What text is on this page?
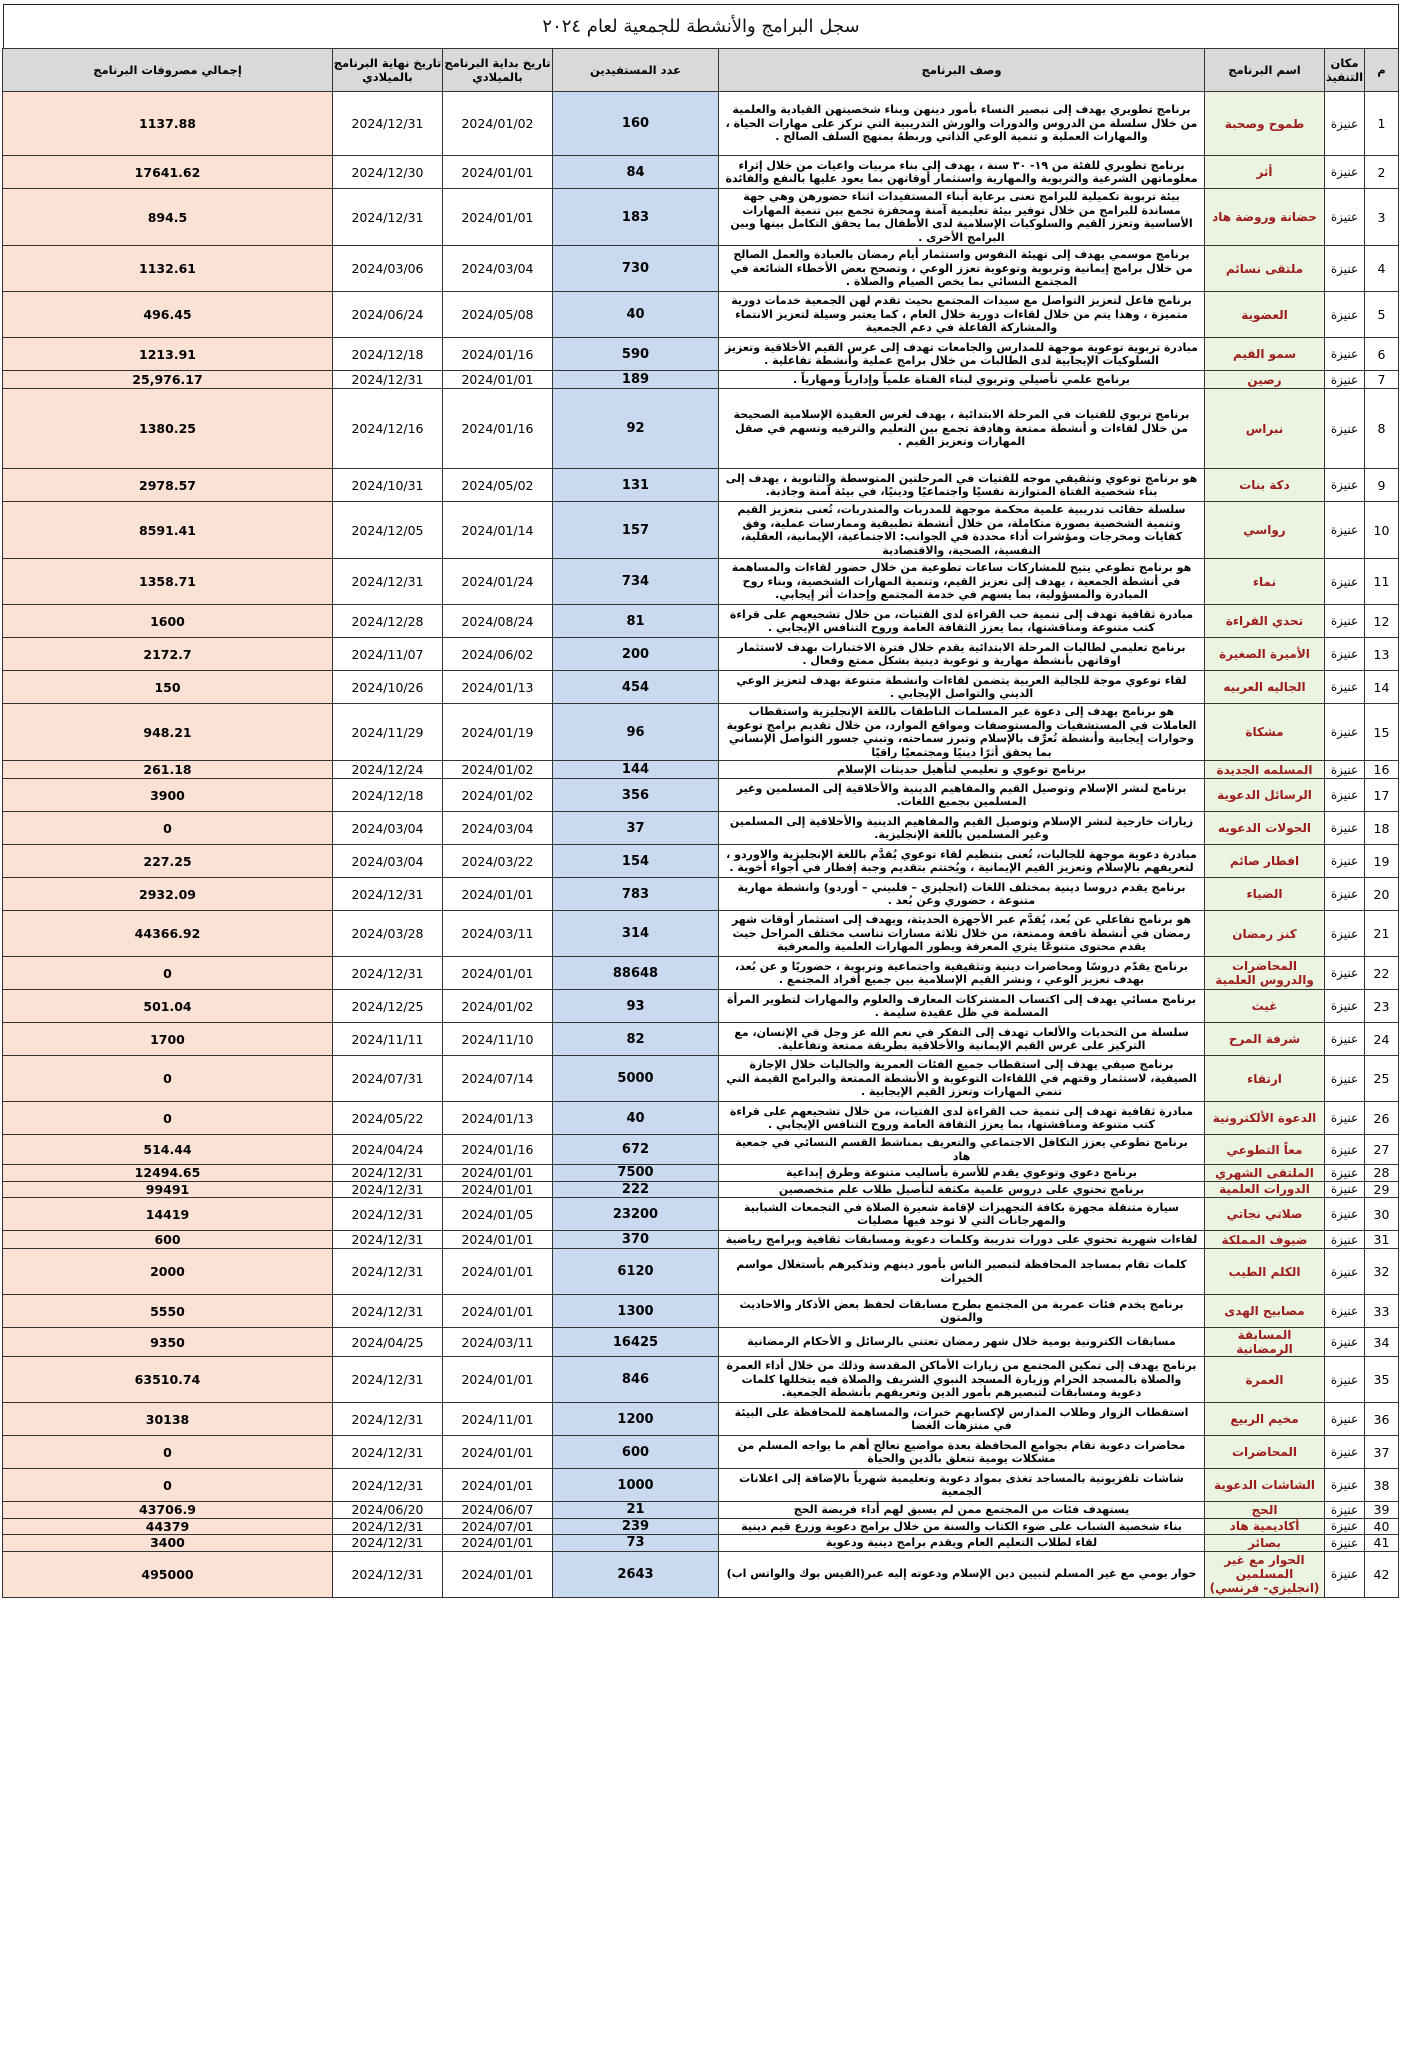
سجل البرامج والأنشطة للجمعية لعام ٢٠٢٤
م	مكان التنفيذ	اسم البرنامج	وصف البرنامج	عدد المستفيدين	تاريخ بداية البرنامج بالميلادي	تاريخ نهاية البرنامج بالميلادي	إجمالي مصروفات البرنامج
1	عنيزة	طموح وصحبة	برنامج تطويري يهدف إلى تبصير النساء بأمور دينهن وبناء شخصيتهن القيادية والعلمية من خلال سلسلة من الدروس والدورات والورش التدريبية التي تركز على مهارات الحياة ، والمهارات العملية و تنمية الوعي الذاتي وربطهُ بمنهج السلف الصالح .	160	2024/01/02	2024/12/31	1137.88
2	عنيزة	أثر	برنامج تطويري للفئة من ١٩- ٣٠ سنة ، يهدف إلى بناء مربيات واعيات من خلال إثراء معلوماتهن الشرعية والتربوية والمهارية واستثمار أوقاتهن بما يعود عليها بالنفع والفائدة	84	2024/01/01	2024/12/30	17641.62
3	عنيزة	حضانة وروضة هاد	بيئة تربوية تكميلية للبرامج تعنى برعاية أبناء المستفيدات اثناء حضورهن وهي جهة مساندة للبرامج من خلال توفير بيئة تعليمية آمنة ومحفزة تجمع بين تنمية المهارات الأساسية وتعزز القيم والسلوكيات الإسلامية لدى الأطفال بما يحقق التكامل بينها وبين البرامج الأخرى .	183	2024/01/01	2024/12/31	894.5
4	عنيزة	ملتقى نسائم	برنامج موسمي يهدف إلى تهيئة النفوس واستثمار أيام رمضان بالعبادة والعمل الصالح من خلال برامج إيمانية وتربوية وتوعوية تعزز الوعي ، وتصحح بعض الأخطاء الشائعة في المجتمع النسائي بما يخص الصيام والصلاة .	730	2024/03/04	2024/03/06	1132.61
5	عنيزة	العضوية	برنامج فاعل لتعزيز التواصل مع سيدات المجتمع بحيث تقدم لهن الجمعية خدمات دورية متميزة ، وهذا يتم من خلال لقاءات دورية خلال العام ، كما يعتبر وسيلة لتعزيز الانتماء والمشاركة الفاعلة في دعم الجمعية	40	2024/05/08	2024/06/24	496.45
6	عنيزة	سمو القيم	مبادرة تربوية توعوية موجهة للمدارس والجامعات تهدف إلى غرس القيم الأخلاقية وتعزيز السلوكيات الإيجابية لدى الطالبات من خلال برامج عملية وأنشطة تفاعلية .	590	2024/01/16	2024/12/18	1213.91
7	عنيزة	رصين	برنامج علمي تأصيلي وتربوي لبناء الفتاة علمياً وإدارياً ومهارياً .	189	2024/01/01	2024/12/31	25,976.17
8	عنيزة	نبراس	برنامج تربوي للفتيات في المرحلة الابتدائية ، يهدف لغرس العقيدة الإسلامية الصحيحة من خلال لقاءات و أنشطة ممتعة وهادفة تجمع بين التعليم والترفيه وتسهم في صقل المهارات وتعزيز القيم .	92	2024/01/16	2024/12/16	1380.25
9	عنيزة	دكة بنات	هو برنامج توعوي وتثقيفي موجه للفتيات في المرحلتين المتوسطة والثانوية ، يهدف إلى بناء شخصية الفتاة المتوازنة نفسيًا واجتماعيًا ودينيًا، في بيئة آمنة وجاذبة.	131	2024/05/02	2024/10/31	2978.57
10	عنيزة	رواسي	سلسلة حقائب تدريبية علمية محكمة موجهة للمدربات والمتدربات، تُعنى بتعزيز القيم وتنمية الشخصية بصورة متكاملة، من خلال أنشطة تطبيقية وممارسات عملية، وفق كفايات ومخرجات ومؤشرات أداء محددة في الجوانب: الاجتماعية، الإيمانية، العقلية، النفسية، الصحية، والاقتصادية	157	2024/01/14	2024/12/05	8591.41
11	عنيزة	نماء	هو برنامج تطوعي يتيح للمشاركات ساعات تطوعية من خلال حضور لقاءات والمساهمة في أنشطة الجمعية ، يهدف إلى تعزيز القيم، وتنمية المهارات الشخصية، وبناء روح المبادرة والمسؤولية، بما يسهم في خدمة المجتمع وإحداث أثر إيجابي.	734	2024/01/24	2024/12/31	1358.71
12	عنيزة	تحدي القراءة	مبادرة ثقافية تهدف إلى تنمية حب القراءة لدى الفتيات، من خلال تشجيعهم على قراءة كتب متنوعة ومناقشتها، بما يعزز الثقافة العامة وروح التنافس الإيجابي .	81	2024/08/24	2024/12/28	1600
13	عنيزة	الأميرة الصغيرة	برنامج تعليمي لطالبات المرحلة الابتدائية يقدم خلال فترة الاختبارات بهدف لاستثمار اوقاتهن بأنشطة مهارية و توعوية دينية بشكل ممتع وفعال .	200	2024/06/02	2024/11/07	2172.7
14	عنيزة	الجاليه العربيه	لقاء توعوي موجة للجالية العربية يتضمن لقاءات وانشطة متنوعة بهدف لتعزيز الوعي الديني والتواصل الإيجابي .	454	2024/01/13	2024/10/26	150
15	عنيزة	مشكاة	هو برنامج يهدف إلى دعوة غير المسلمات الناطقات باللغة الإنجليزية واستقطاب العاملات في المستشفيات والمستوصفات ومواقع الموارد، من خلال تقديم برامج توعوية وحوارات إيجابية وأنشطة تُعرِّف بالإسلام وتبرز سماحته، وتبني جسور التواصل الإنساني بما يحقق أثرًا دينيًا ومجتمعيًا راقيًا	96	2024/01/19	2024/11/29	948.21
16	عنيزة	المسلمه الجديدة	برنامج توعوي و تعليمي لتأهيل حديثات الإسلام	144	2024/01/02	2024/12/24	261.18
17	عنيزة	الرسائل الدعوية	برنامج لنشر الإسلام وتوصيل القيم والمفاهيم الدينية والأخلاقية إلى المسلمين وغير المسلمين بجميع اللغات.	356	2024/01/02	2024/12/18	3900
18	عنيزة	الجولات الدعويه	زيارات خارجية لنشر الإسلام وتوصيل القيم والمفاهيم الدينية والأخلاقية إلى المسلمين وغير المسلمين باللغة الإنجليزية.	37	2024/03/04	2024/03/04	0
19	عنيزة	افطار صائم	مبادرة دعوية موجهة للجاليات، تُعنى بتنظيم لقاء توعوي يُقدَّم باللغة الإنجليزية والاوردو ، لتعريفهم بالإسلام وتعزيز القيم الإيمانية ، ويُختتم بتقديم وجبة إفطار في أجواء أخوية .	154	2024/03/22	2024/03/04	227.25
20	عنيزة	الضياء	برنامج يقدم دروسا دينية بمختلف اللغات (انجليزي – فلبيني – أوردو) وانشطة مهارية متنوعة ، حضوري وعن بُعد .	783	2024/01/01	2024/12/31	2932.09
21	عنيزة	كنز رمضان	هو برنامج تفاعلي عن بُعد، يُقدَّم عبر الأجهزة الحديثة، ويهدف إلى استثمار أوقات شهر رمضان في أنشطة نافعة وممتعة، من خلال ثلاثة مسارات تناسب مختلف المراحل حيث يقدم محتوى متنوعًا يثري المعرفة ويطور المهارات العلمية والمعرفية	314	2024/03/11	2024/03/28	44366.92
22	عنيزة	المحاضرات والدروس العلمية	برنامج يقدّم دروسًا ومحاضرات دينية وتثقيفية واجتماعية وتربوية ، حضوريًا و عن بُعد، بهدف تعزيز الوعي ، ونشر القيم الإسلامية بين جميع أفراد المجتمع .	88648	2024/01/01	2024/12/31	0
23	عنيزة	غيث	برنامج مسائي يهدف إلى اكتساب المشتركات المعارف والعلوم والمهارات لتطوير المرأة المسلمة في ظل عقيدة سليمة .	93	2024/01/02	2024/12/25	501.04
24	عنيزة	شرفة المرح	سلسلة من التحديات والألعاب تهدف إلى التفكر في نعم الله عز وجل في الإنسان، مع التركيز على غرس القيم الإيمانية والأخلاقية بطريقة ممتعة وتفاعلية.	82	2024/11/10	2024/11/11	1700
25	عنيزة	ارتقاء	برنامج صيفي يهدف إلى استقطاب جميع الفئات العمرية والجاليات خلال الإجازة الصيفية، لاستثمار وقتهم في اللقاءات التوعوية و الأنشطة الممتعة والبرامج القيمة التي تنمي المهارات وتعزز القيم الإيجابية .	5000	2024/07/14	2024/07/31	0
26	عنيزة	الدعوة الألكترونية	مبادرة ثقافية تهدف إلى تنمية حب القراءة لدى الفتيات، من خلال تشجيعهم على قراءة كتب متنوعة ومناقشتها، بما يعزز الثقافة العامة وروح التنافس الإيجابي .	40	2024/01/13	2024/05/22	0
27	عنيزة	معاً التطوعي	برنامج تطوعي يعزز التكافل الاجتماعي والتعريف بمناشط القسم النسائي في جمعية هاد	672	2024/01/16	2024/04/24	514.44
28	عنيزة	الملتقى الشهري	برنامج دعوي وتوعوي يقدم للأسرة بأساليب متنوعة وطرق إبداعية	7500	2024/01/01	2024/12/31	12494.65
29	عنيزة	الدورات العلمية	برنامج تحتوي على دروس علمية مكثفة لتأصيل طلاب علم متخصصين	222	2024/01/01	2024/12/31	99491
30	عنيزة	صلاتي نجاتي	سيارة متنقلة مجهزة بكافة التجهيزات لإقامة شعيرة الصلاة في التجمعات الشبابية والمهرجانات التي لا توجد فيها مصليات	23200	2024/01/05	2024/12/31	14419
31	عنيزة	ضيوف المملكة	لقاءات شهرية تحتوي على دورات تدريبة وكلمات دعوية ومسابقات ثقافية وبرامج رياضية	370	2024/01/01	2024/12/31	600
32	عنيزة	الكلم الطيب	كلمات تقام بمساجد المحافظة لتبصير الناس بأمور دينهم وتذكيرهم بأستغلال مواسم الخيرات	6120	2024/01/01	2024/12/31	2000
33	عنيزة	مصابيح الهدى	برنامج يخدم فئات عمرية من المجتمع بطرح مسابقات لحفظ بعض الأذكار والاحاديث والمتون	1300	2024/01/01	2024/12/31	5550
34	عنيزة	المسابقة الرمضانية	مسابقات الكترونية يومية خلال شهر رمضان تعتني بالرسائل و الأحكام الرمضانية	16425	2024/03/11	2024/04/25	9350
35	عنيزة	العمرة	برنامج يهدف إلى تمكين المجتمع من زيارات الأماكن المقدسة وذلك من خلال أداء العمرة والصلاة بالمسجد الحرام وزيارة المسجد النبوي الشريف والصلاة فيه يتخللها كلمات دعوية ومسابقات لتبصيرهم بأمور الدين وتعريفهم بأنشطة الجمعية.	846	2024/01/01	2024/12/31	63510.74
36	عنيزة	مخيم الربيع	استقطاب الزوار وطلاب المدارس لإكسابهم خبرات، والمساهمة للمحافظة على البيئة في منتزهات الغضا	1200	2024/11/01	2024/12/31	30138
37	عنيزة	المحاضرات	محاضرات دعوية تقام بجوامع المحافظة بعدة مواضيع تعالج أهم ما يواجه المسلم من مشكلات يومية تتعلق بالدين والحياة	600	2024/01/01	2024/12/31	0
38	عنيزة	الشاشات الدعوية	شاشات تلفزيونية بالمساجد تغذى بمواد دعوية وتعليمية شهرياً بالإضافة إلى اعلانات الجمعية	1000	2024/01/01	2024/12/31	0
39	عنيزة	الحج	يستهدف فئات من المجتمع ممن لم يسبق لهم أداء فريضة الحج	21	2024/06/07	2024/06/20	43706.9
40	عنيزة	أكاديمية هاد	بناء شخصية الشباب على ضوء الكتاب والسنة من خلال برامج دعوية وزرع قيم دينية	239	2024/07/01	2024/12/31	44379
41	عنيزة	بصائر	لقاء لطلاب التعليم العام ويقدم برامج دينية ودعوية	73	2024/01/01	2024/12/31	3400
42	عنيزة	الحوار مع غير المسلمين (انجليزي- فرنسي)	حوار يومي مع غير المسلم لتبيين دين الإسلام ودعوته إليه عبر(الفيس بوك والواتس اب)	2643	2024/01/01	2024/12/31	495000
